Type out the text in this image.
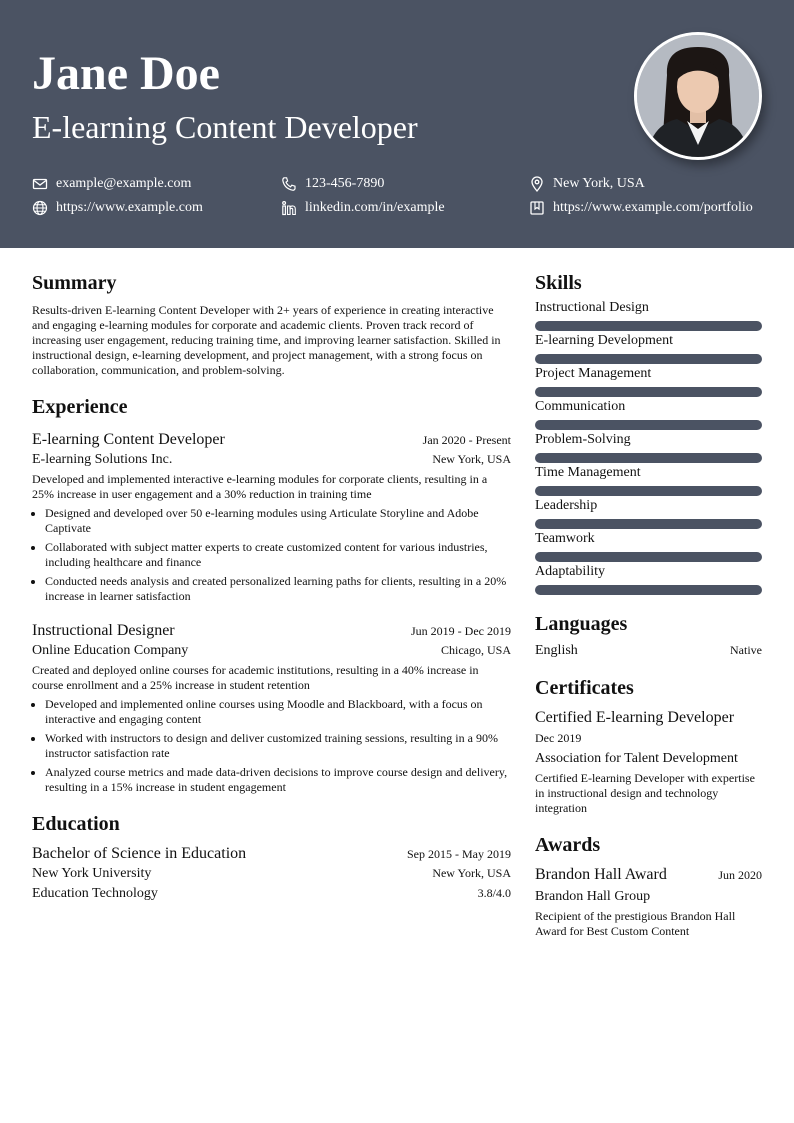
Jane Doe
E-learning Content Developer
example@example.com	123-456-7890	New York, USA
https://www.example.com	linkedin.com/in/example	https://www.example.com/portfolio
Summary
Results-driven E-learning Content Developer with 2+ years of experience in creating interactive and engaging e-learning modules for corporate and academic clients. Proven track record of increasing user engagement, reducing training time, and improving learner satisfaction. Skilled in instructional design, e-learning development, and project management, with a strong focus on collaboration, communication, and problem-solving.
Experience
E-learning Content Developer	Jan 2020 - Present
E-learning Solutions Inc.	New York, USA
Developed and implemented interactive e-learning modules for corporate clients, resulting in a 25% increase in user engagement and a 30% reduction in training time
• Designed and developed over 50 e-learning modules using Articulate Storyline and Adobe Captivate
• Collaborated with subject matter experts to create customized content for various industries, including healthcare and finance
• Conducted needs analysis and created personalized learning paths for clients, resulting in a 20% increase in learner satisfaction
Instructional Designer	Jun 2019 - Dec 2019
Online Education Company	Chicago, USA
Created and deployed online courses for academic institutions, resulting in a 40% increase in course enrollment and a 25% increase in student retention
• Developed and implemented online courses using Moodle and Blackboard, with a focus on interactive and engaging content
• Worked with instructors to design and deliver customized training sessions, resulting in a 90% instructor satisfaction rate
• Analyzed course metrics and made data-driven decisions to improve course design and delivery, resulting in a 15% increase in student engagement
Education
Bachelor of Science in Education	Sep 2015 - May 2019
New York University	New York, USA
Education Technology	3.8/4.0
Skills
Instructional Design
E-learning Development
Project Management
Communication
Problem-Solving
Time Management
Leadership
Teamwork
Adaptability
Languages
English	Native
Certificates
Certified E-learning Developer
Dec 2019
Association for Talent Development
Certified E-learning Developer with expertise in instructional design and technology integration
Awards
Brandon Hall Award	Jun 2020
Brandon Hall Group
Recipient of the prestigious Brandon Hall Award for Best Custom Content
